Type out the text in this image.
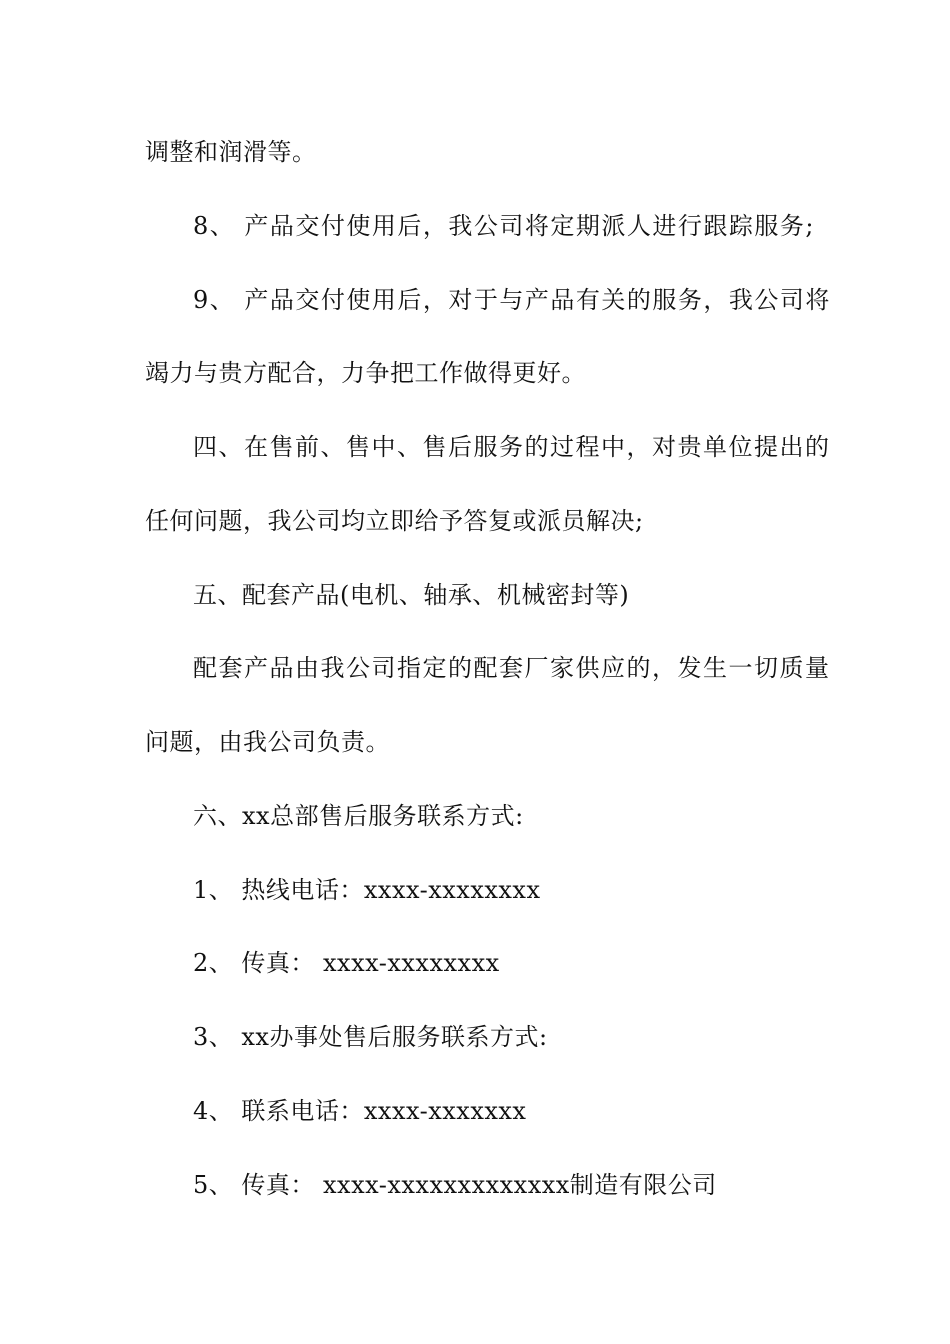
调整和润滑等。

8、 产品交付使用后，我公司将定期派人进行跟踪服务;

9、 产品交付使用后，对于与产品有关的服务，我公司将

竭力与贵方配合，力争把工作做得更好。

四、在售前、售中、售后服务的过程中，对贵单位提出的

任何问题，我公司均立即给予答复或派员解决;

五、配套产品(电机、轴承、机械密封等)

配套产品由我公司指定的配套厂家供应的，发生一切质量

问题，由我公司负责。

六、xx总部售后服务联系方式:

1、 热线电话：xxxx-xxxxxxxx

2、 传真： xxxx-xxxxxxxx

3、 xx办事处售后服务联系方式:

4、 联系电话：xxxx-xxxxxxx

5、 传真： xxxx-xxxxxxxxxxxxx制造有限公司
